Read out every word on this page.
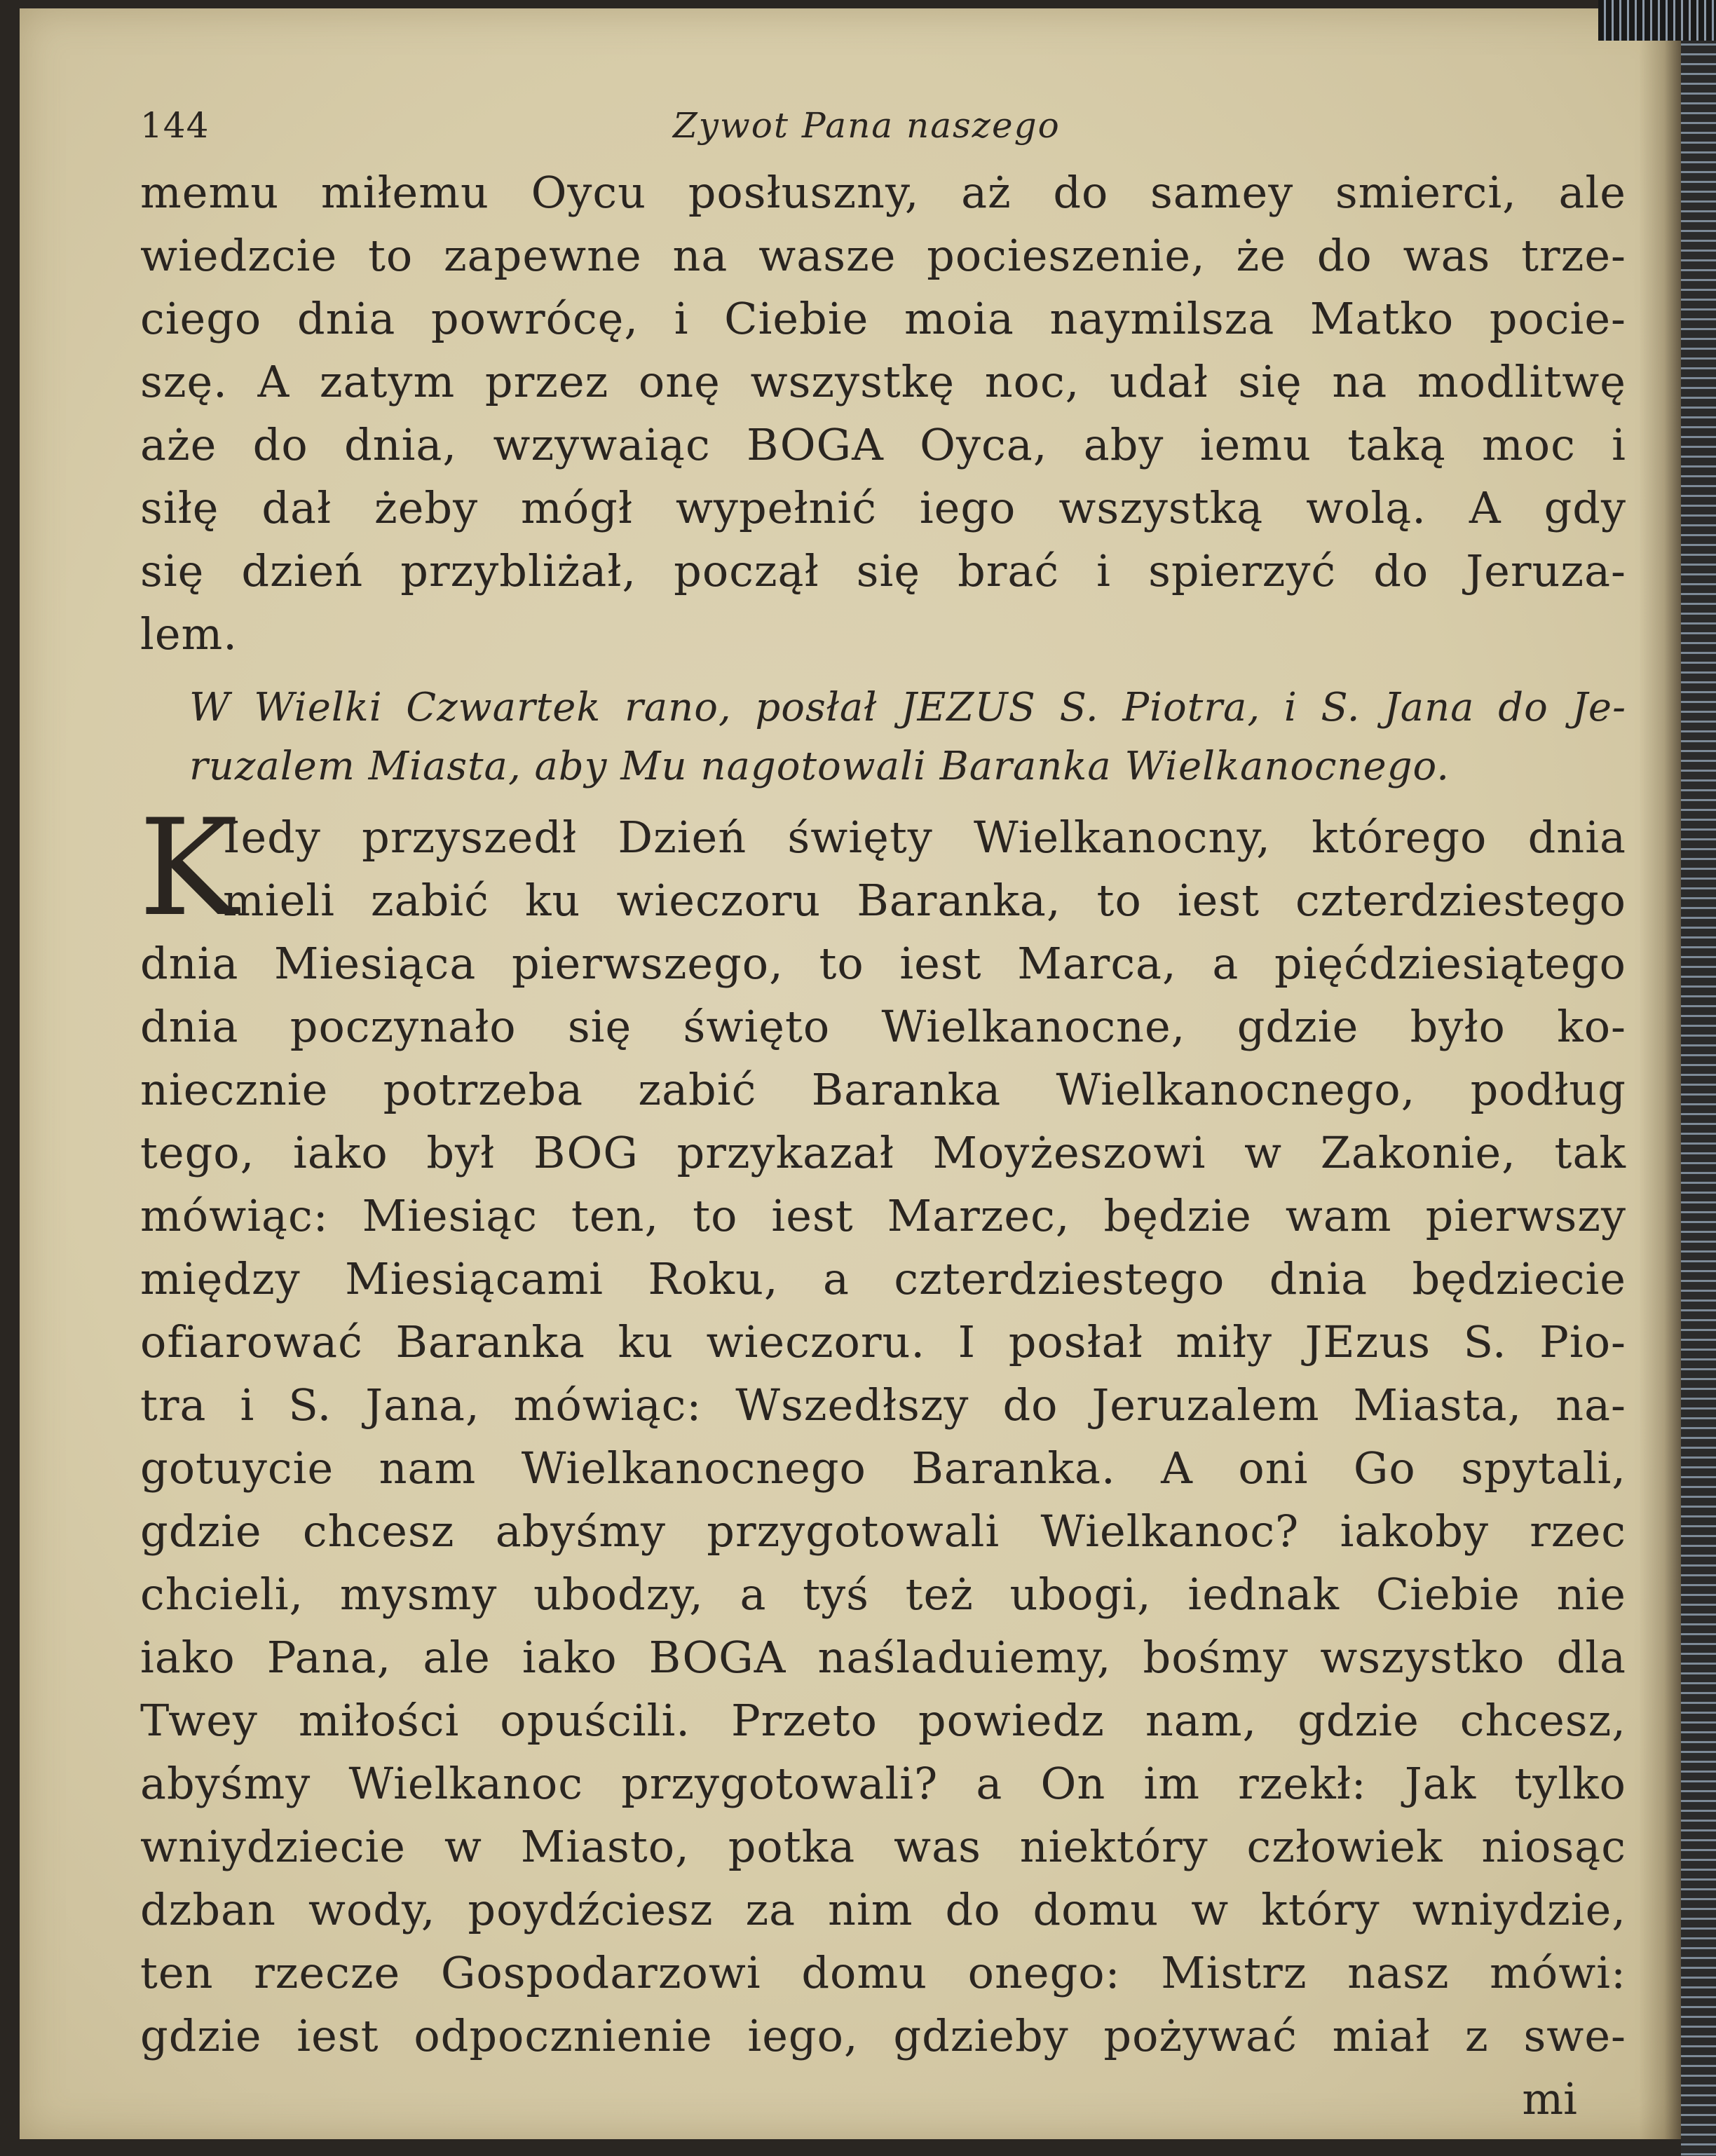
144	Zywot Pana naszego
memu miłemu Oycu posłuszny, aż do samey smierci, ale
wiedzcie to zapewne na wasze pocieszenie, że do was trze-
ciego dnia powrócę, i Ciebie moia naymilsza Matko pocie-
szę. A zatym przez onę wszystkę noc, udał się na modlitwę
aże do dnia, wzywaiąc BOGA Oyca, aby iemu taką moc i
siłę dał żeby mógł wypełnić iego wszystką wolą. A gdy
się dzień przybliżał, począł się brać i spierzyć do Jeruza-
lem.
W Wielki Czwartek rano, posłał JEZUS S. Piotra, i S. Jana do Je-
ruzalem Miasta, aby Mu nagotowali Baranka Wielkanocnego.
K
Iedy przyszedł Dzień święty Wielkanocny, którego dnia
mieli zabić ku wieczoru Baranka, to iest czterdziestego
dnia Miesiąca pierwszego, to iest Marca, a pięćdziesiątego
dnia poczynało się święto Wielkanocne, gdzie było ko-
niecznie potrzeba zabić Baranka Wielkanocnego, podług
tego, iako był BOG przykazał Moyżeszowi w Zakonie, tak
mówiąc: Miesiąc ten, to iest Marzec, będzie wam pierwszy
między Miesiącami Roku, a czterdziestego dnia będziecie
ofiarować Baranka ku wieczoru. I posłał miły JEzus S. Pio-
tra i S. Jana, mówiąc: Wszedłszy do Jeruzalem Miasta, na-
gotuycie nam Wielkanocnego Baranka. A oni Go spytali,
gdzie chcesz abyśmy przygotowali Wielkanoc? iakoby rzec
chcieli, mysmy ubodzy, a tyś też ubogi, iednak Ciebie nie
iako Pana, ale iako BOGA naśladuiemy, bośmy wszystko dla
Twey miłości opuścili. Przeto powiedz nam, gdzie chcesz,
abyśmy Wielkanoc przygotowali? a On im rzekł: Jak tylko
wniydziecie w Miasto, potka was niektóry człowiek niosąc
dzban wody, poydźciesz za nim do domu w który wniydzie,
ten rzecze Gospodarzowi domu onego: Mistrz nasz mówi:
gdzie iest odpocznienie iego, gdzieby pożywać miał z swe-
mi
